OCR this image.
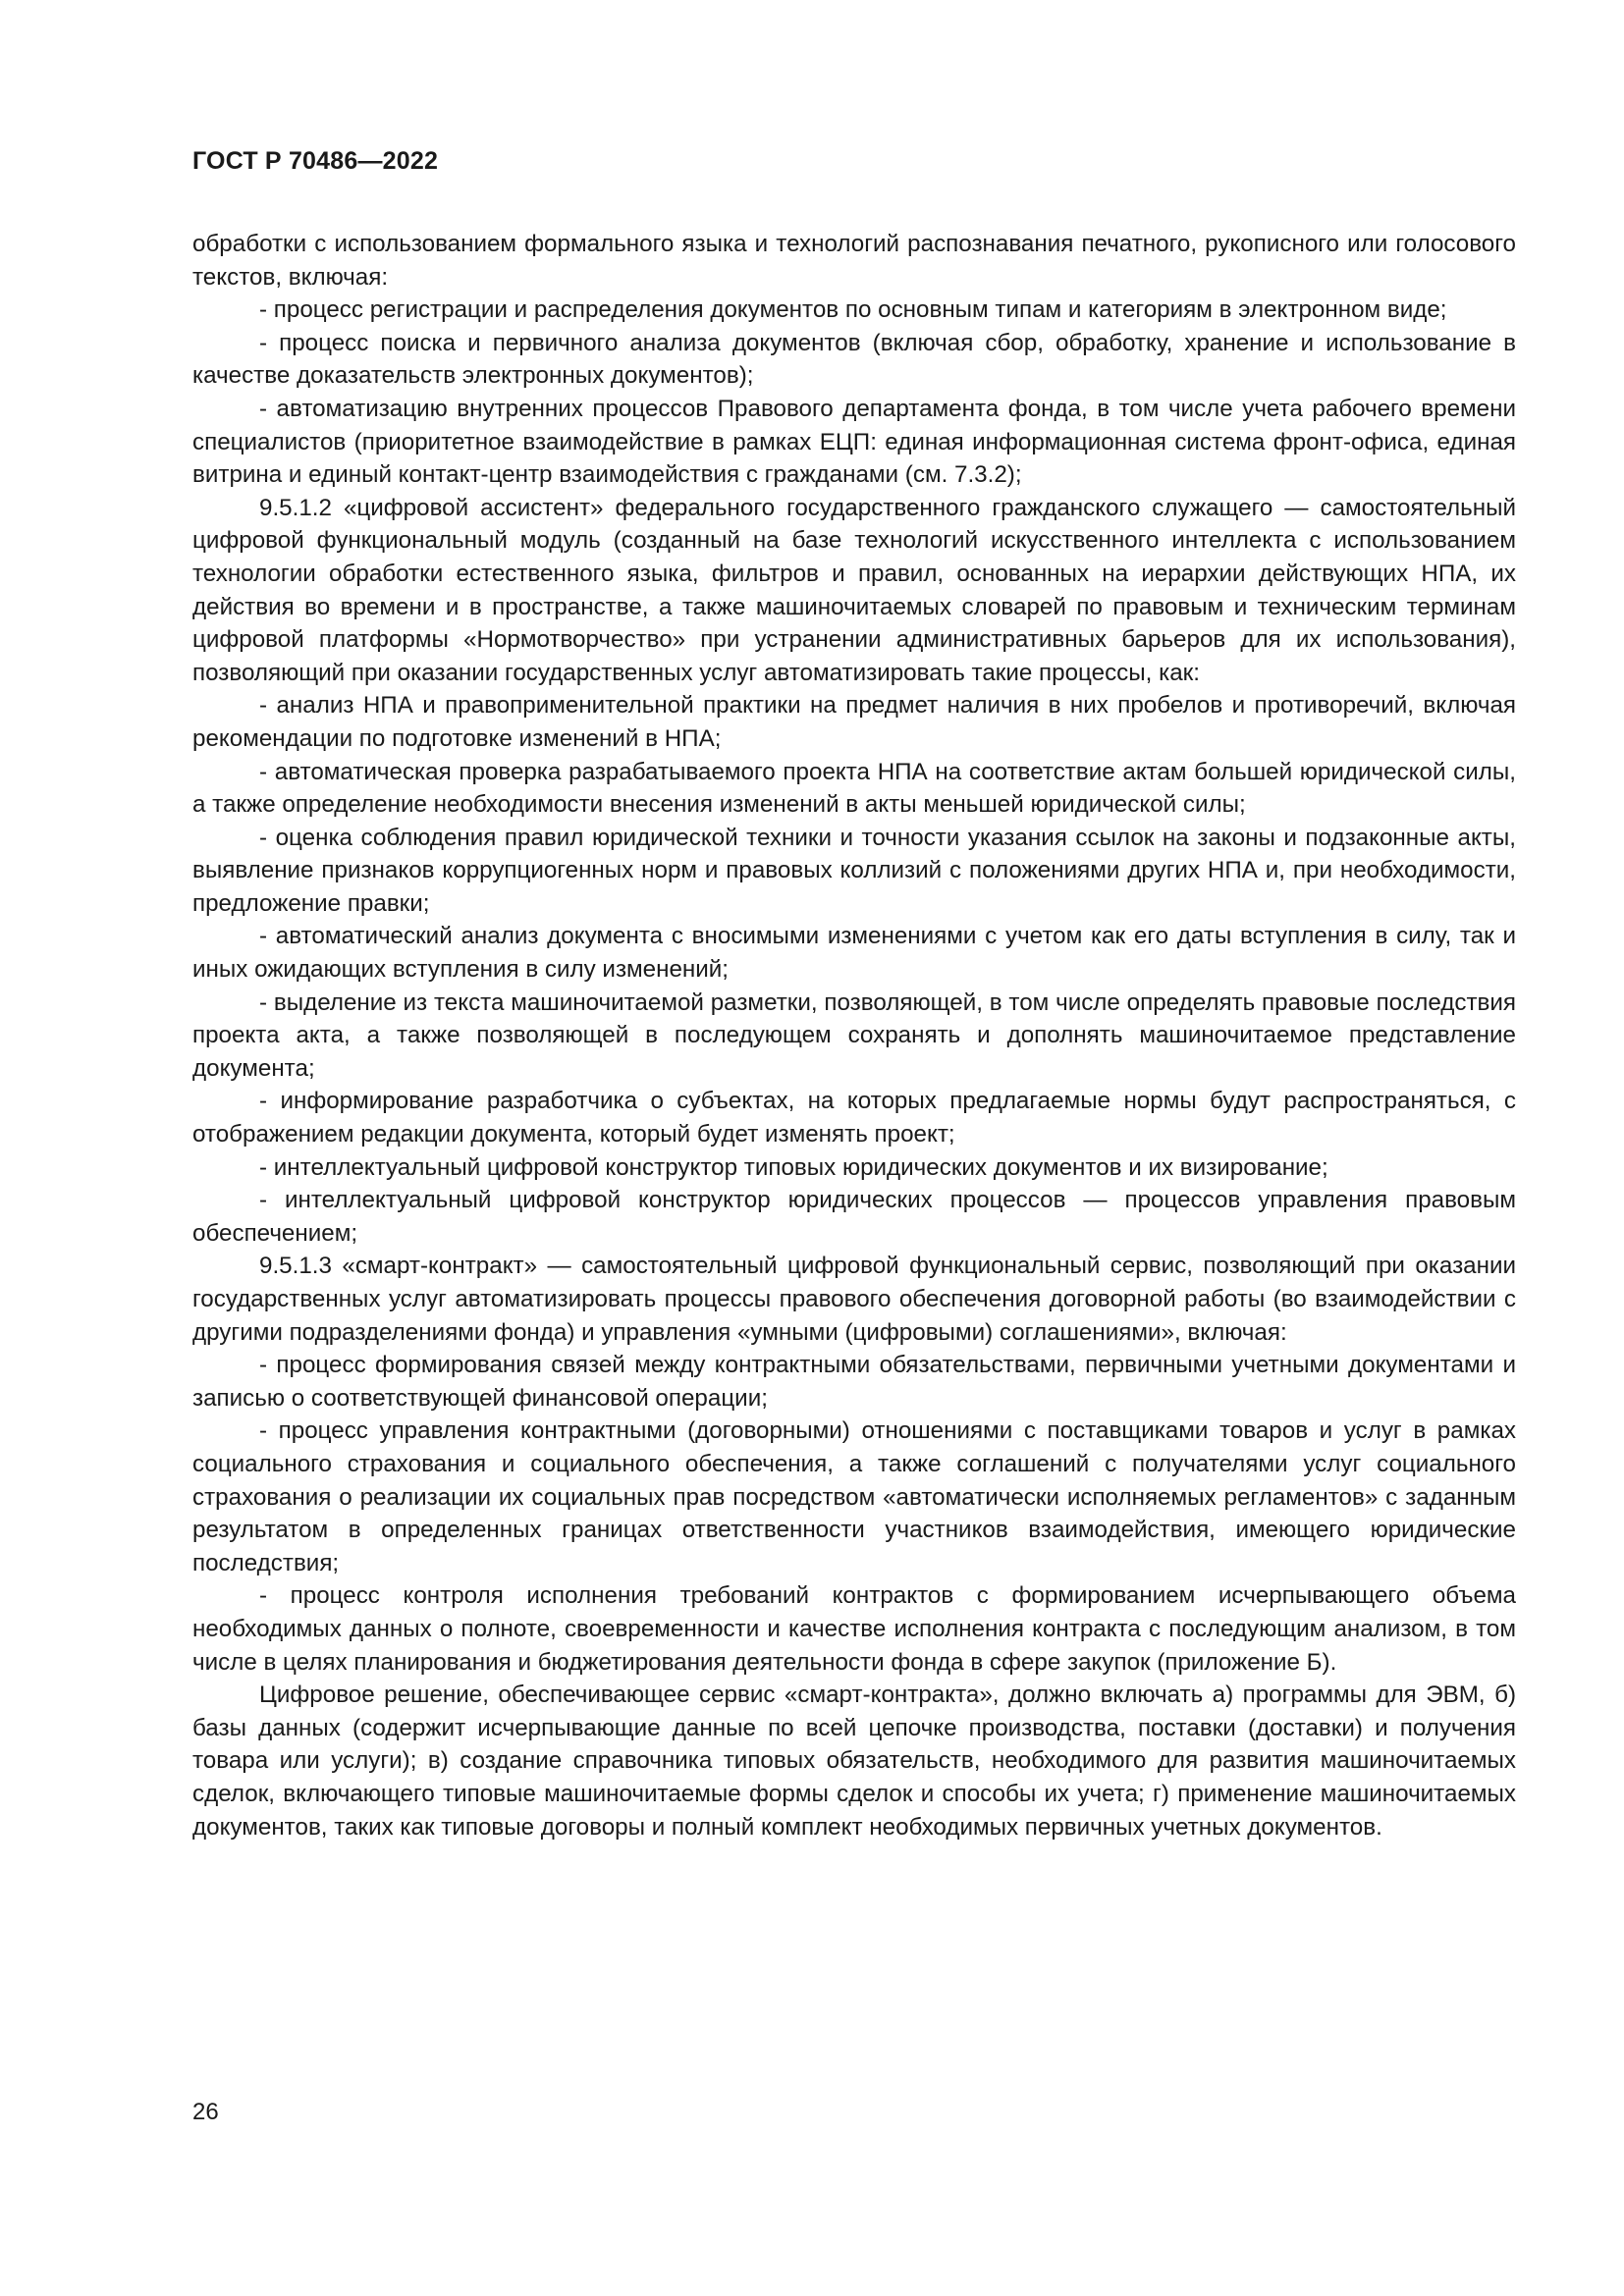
ГОСТ Р 70486—2022

обработки с использованием формального языка и технологий распознавания печатного, рукописного или голосового текстов, включая:

- процесс регистрации и распределения документов по основным типам и категориям в электронном виде;

- процесс поиска и первичного анализа документов (включая сбор, обработку, хранение и использование в качестве доказательств электронных документов);

- автоматизацию внутренних процессов Правового департамента фонда, в том числе учета рабочего времени специалистов (приоритетное взаимодействие в рамках ЕЦП: единая информационная система фронт-офиса, единая витрина и единый контакт-центр взаимодействия с гражданами (см. 7.3.2);

9.5.1.2 «цифровой ассистент» федерального государственного гражданского служащего — самостоятельный цифровой функциональный модуль (созданный на базе технологий искусственного интеллекта с использованием технологии обработки естественного языка, фильтров и правил, основанных на иерархии действующих НПА, их действия во времени и в пространстве, а также машиночитаемых словарей по правовым и техническим терминам цифровой платформы «Нормотворчество» при устранении административных барьеров для их использования), позволяющий при оказании государственных услуг автоматизировать такие процессы, как:

- анализ НПА и правоприменительной практики на предмет наличия в них пробелов и противоречий, включая рекомендации по подготовке изменений в НПА;

- автоматическая проверка разрабатываемого проекта НПА на соответствие актам большей юридической силы, а также определение необходимости внесения изменений в акты меньшей юридической силы;

- оценка соблюдения правил юридической техники и точности указания ссылок на законы и подзаконные акты, выявление признаков коррупциогенных норм и правовых коллизий с положениями других НПА и, при необходимости, предложение правки;

- автоматический анализ документа с вносимыми изменениями с учетом как его даты вступления в силу, так и иных ожидающих вступления в силу изменений;

- выделение из текста машиночитаемой разметки, позволяющей, в том числе определять правовые последствия проекта акта, а также позволяющей в последующем сохранять и дополнять машиночитаемое представление документа;

- информирование разработчика о субъектах, на которых предлагаемые нормы будут распространяться, с отображением редакции документа, который будет изменять проект;

- интеллектуальный цифровой конструктор типовых юридических документов и их визирование;

- интеллектуальный цифровой конструктор юридических процессов — процессов управления правовым обеспечением;

9.5.1.3 «смарт-контракт» — самостоятельный цифровой функциональный сервис, позволяющий при оказании государственных услуг автоматизировать процессы правового обеспечения договорной работы (во взаимодействии с другими подразделениями фонда) и управления «умными (цифровыми) соглашениями», включая:

- процесс формирования связей между контрактными обязательствами, первичными учетными документами и записью о соответствующей финансовой операции;

- процесс управления контрактными (договорными) отношениями с поставщиками товаров и услуг в рамках социального страхования и социального обеспечения, а также соглашений с получателями услуг социального страхования о реализации их социальных прав посредством «автоматически исполняемых регламентов» с заданным результатом в определенных границах ответственности участников взаимодействия, имеющего юридические последствия;

- процесс контроля исполнения требований контрактов с формированием исчерпывающего объема необходимых данных о полноте, своевременности и качестве исполнения контракта с последующим анализом, в том числе в целях планирования и бюджетирования деятельности фонда в сфере закупок (приложение Б).

Цифровое решение, обеспечивающее сервис «смарт-контракта», должно включать а) программы для ЭВМ, б) базы данных (содержит исчерпывающие данные по всей цепочке производства, поставки (доставки) и получения товара или услуги); в) создание справочника типовых обязательств, необходимого для развития машиночитаемых сделок, включающего типовые машиночитаемые формы сделок и способы их учета; г) применение машиночитаемых документов, таких как типовые договоры и полный комплект необходимых первичных учетных документов.

26
